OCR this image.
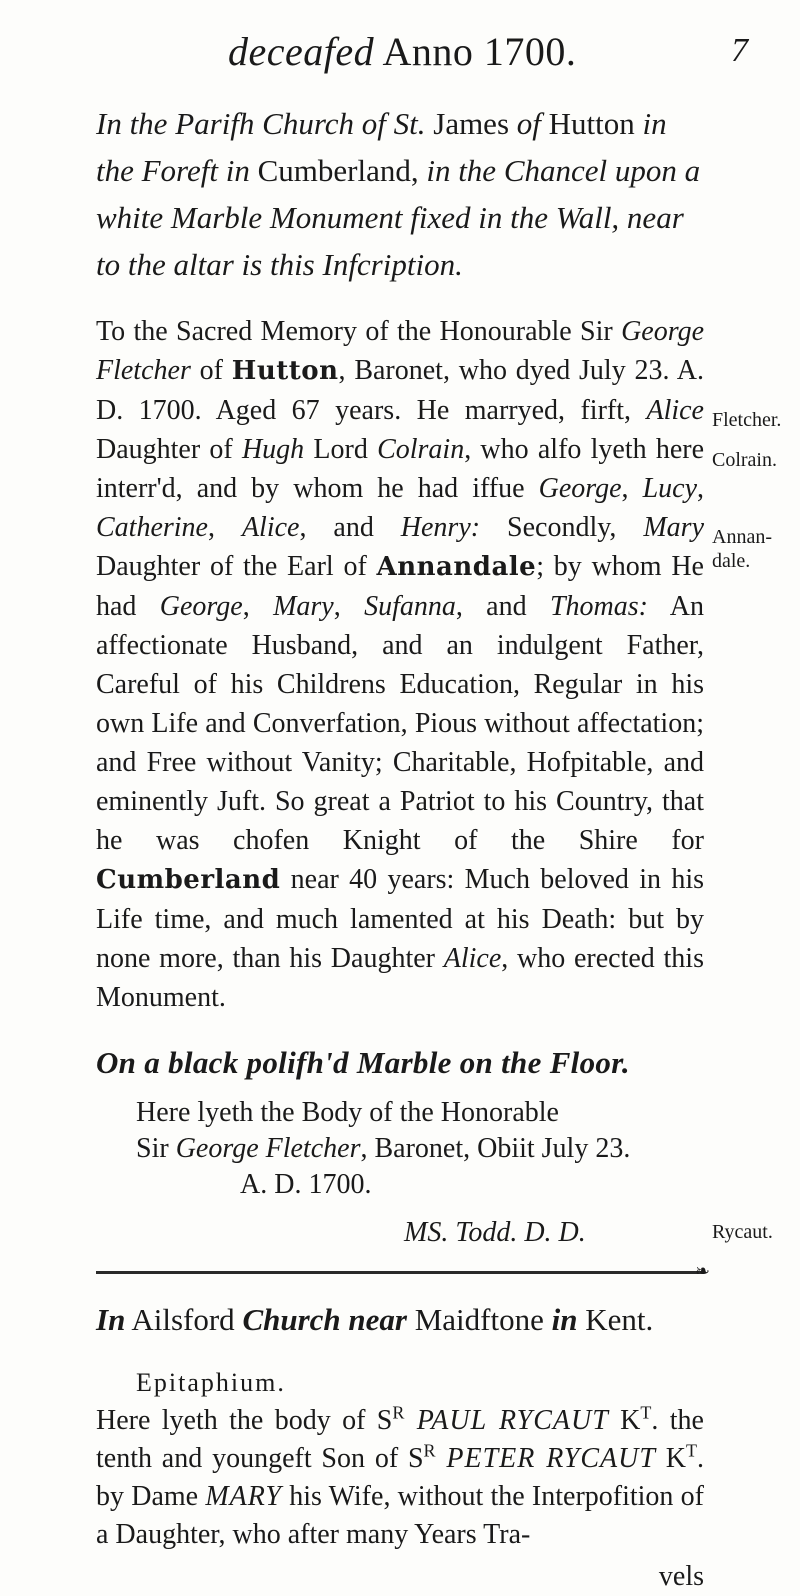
deceafed Anno 1700.	7

In the Parifh Church of St. James of Hutton in the Foreft in Cumberland, in the Chancel upon a white Marble Monument fixed in the Wall, near to the altar is this Infcription.

To the Sacred Memory of the Honourable Sir George Fletcher of Hutton, Baronet, who dyed July 23. A. D. 1700. Aged 67 years. He marryed, firft, Alice Daughter of Hugh Lord Colrain, who alfo lyeth here interr'd, and by whom he had iffue George, Lucy, Catherine, Alice, and Henry: Secondly, Mary Daughter of the Earl of Annandale; by whom He had George, Mary, Sufanna, and Thomas: An affectionate Husband, and an indulgent Father, Careful of his Childrens Education, Regular in his own Life and Converfation, Pious without affectation; and Free without Vanity; Charitable, Hofpitable, and eminently Juft. So great a Patriot to his Country, that he was chofen Knight of the Shire for Cumberland near 40 years: Much beloved in his Life time, and much lamented at his Death: but by none more, than his Daughter Alice, who erected this Monument.

On a black polifh'd Marble on the Floor.

Here lyeth the Body of the Honorable
Sir George Fletcher, Baronet, Obiit July 23.
A. D. 1700.
MS. Todd. D. D.
❧

In Ailsford Church near Maidftone in Kent.

Epitaphium.

Here lyeth the body of $S^R$ PAUL RYCAUT $K^T$. the tenth and youngeft Son of $S^R$ PETER RYCAUT $K^T$. by Dame MARY his Wife, without the Interpofition of a Daughter, who after many Years Tra-

vels
Fletcher.
Colrain.
Annan-
dale.
Rycaut.
